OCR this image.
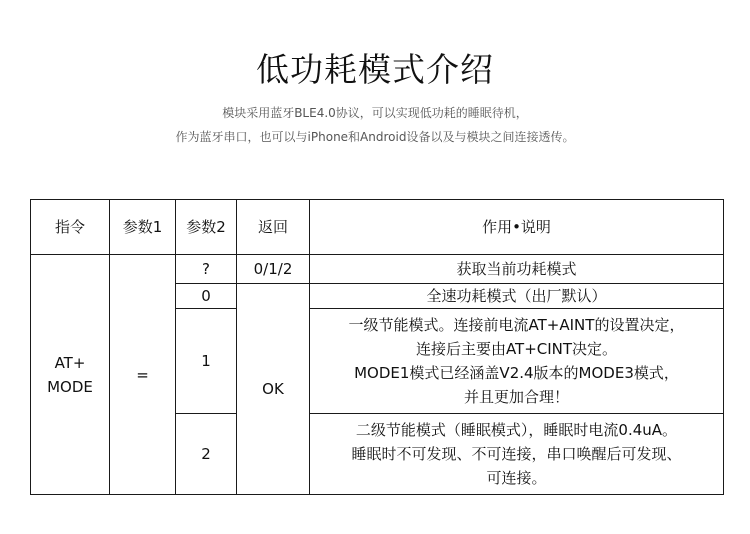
低功耗模式介绍
模块采用蓝牙BLE4.0协议，可以实现低功耗的睡眠待机，
作为蓝牙串口，也可以与iPhone和Android设备以及与模块之间连接透传。
指令	参数1	参数2	返回	作用•说明

AT+
MODE	=	?	0/1/2	获取当前功耗模式

		0	OK	全速功耗模式（出厂默认）

		1		一级节能模式。连接前电流AT+AINT的设置决定，
连接后主要由AT+CINT决定。
MODE1模式已经涵盖V2.4版本的MODE3模式，
并且更加合理！

		2		二级节能模式（睡眠模式），睡眠时电流0.4uA。
睡眠时不可发现、不可连接，串口唤醒后可发现、
可连接。
